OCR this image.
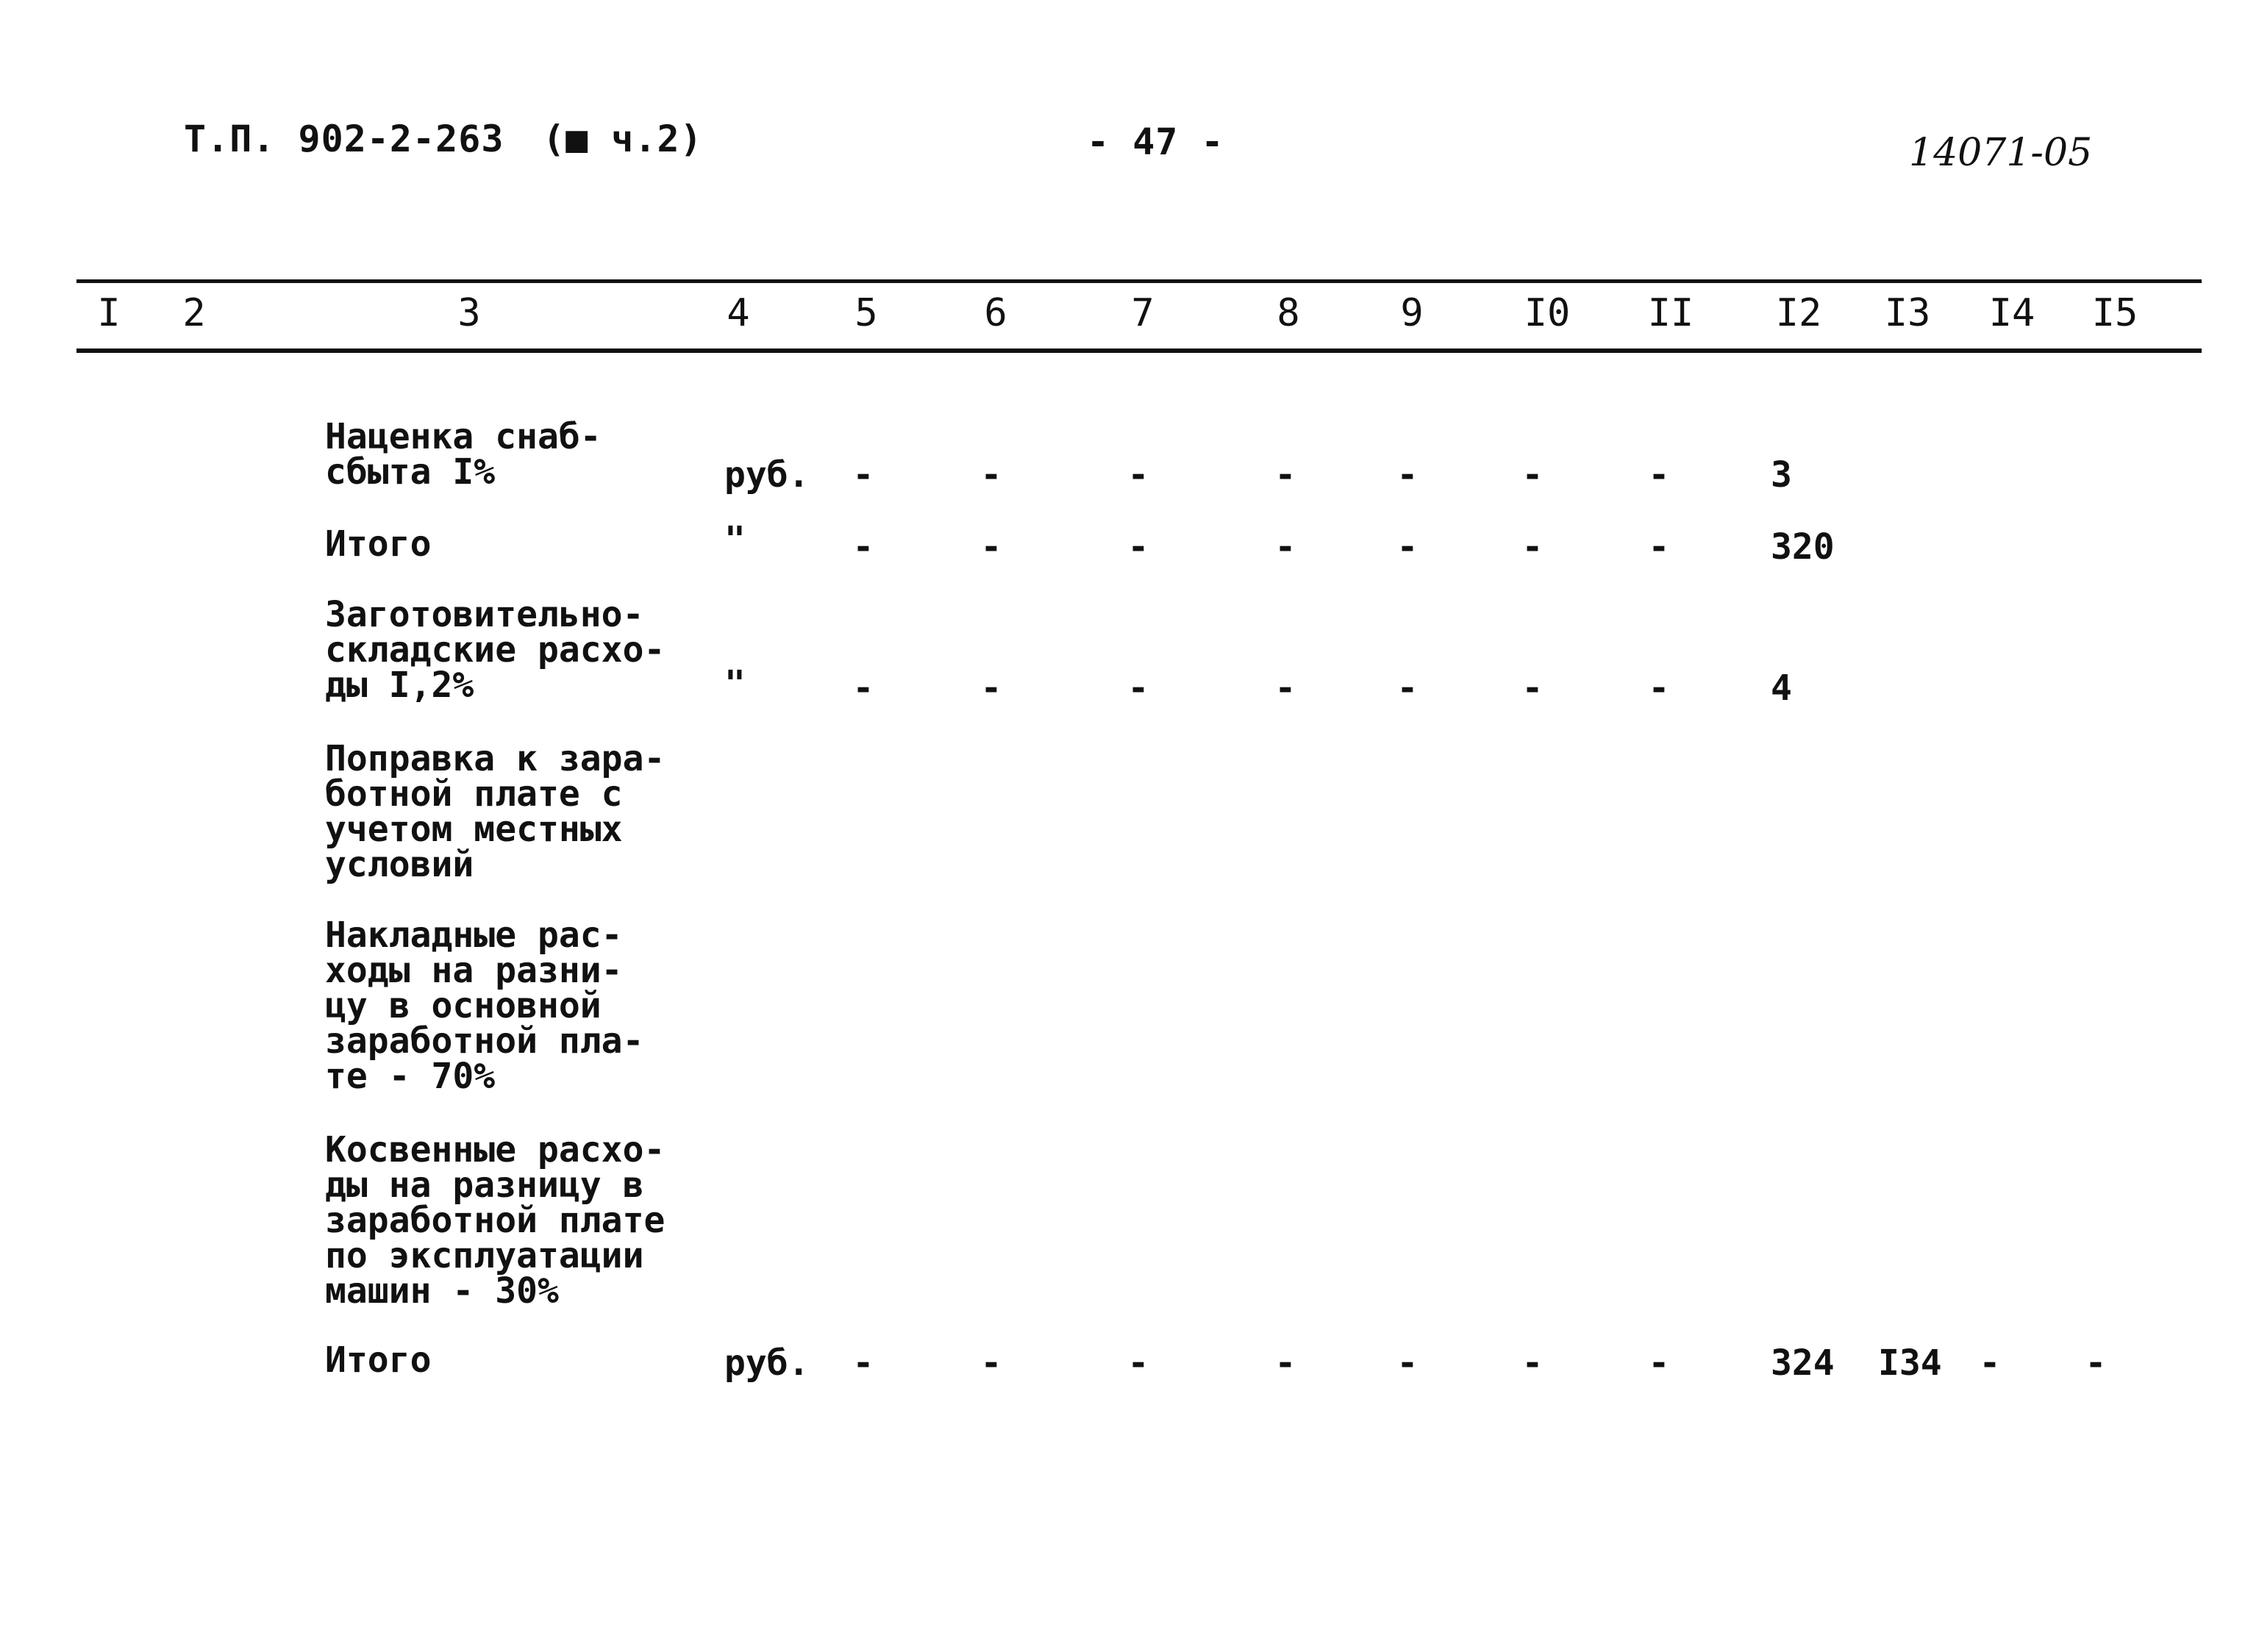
Т.П. 902-2-263 (■ ч.2)	- 47 -	14071-05
I	2	3	4	5	6	7	8	9	I0 II I2 I3 I4 I5
Наценка снаб-
сбыта I%	руб.	-	-	-	-	-	-	-	3
Итого	"	-	-	-	-	-	-	-	320
Заготовительно-
складские расхо-
ды I,2%	"	-	-	-	-	-	-	-	4
Поправка к зара-
ботной плате с
учетом местных
условий
Накладные рас-
ходы на разни-
цу в основной
заработной пла-
те - 70%
Косвенные расхо-
ды на разницу в
заработной плате
по эксплуатации
машин - 30%
Итого	руб.	-	-	-	-	-	-	-	324	I34	-	-
